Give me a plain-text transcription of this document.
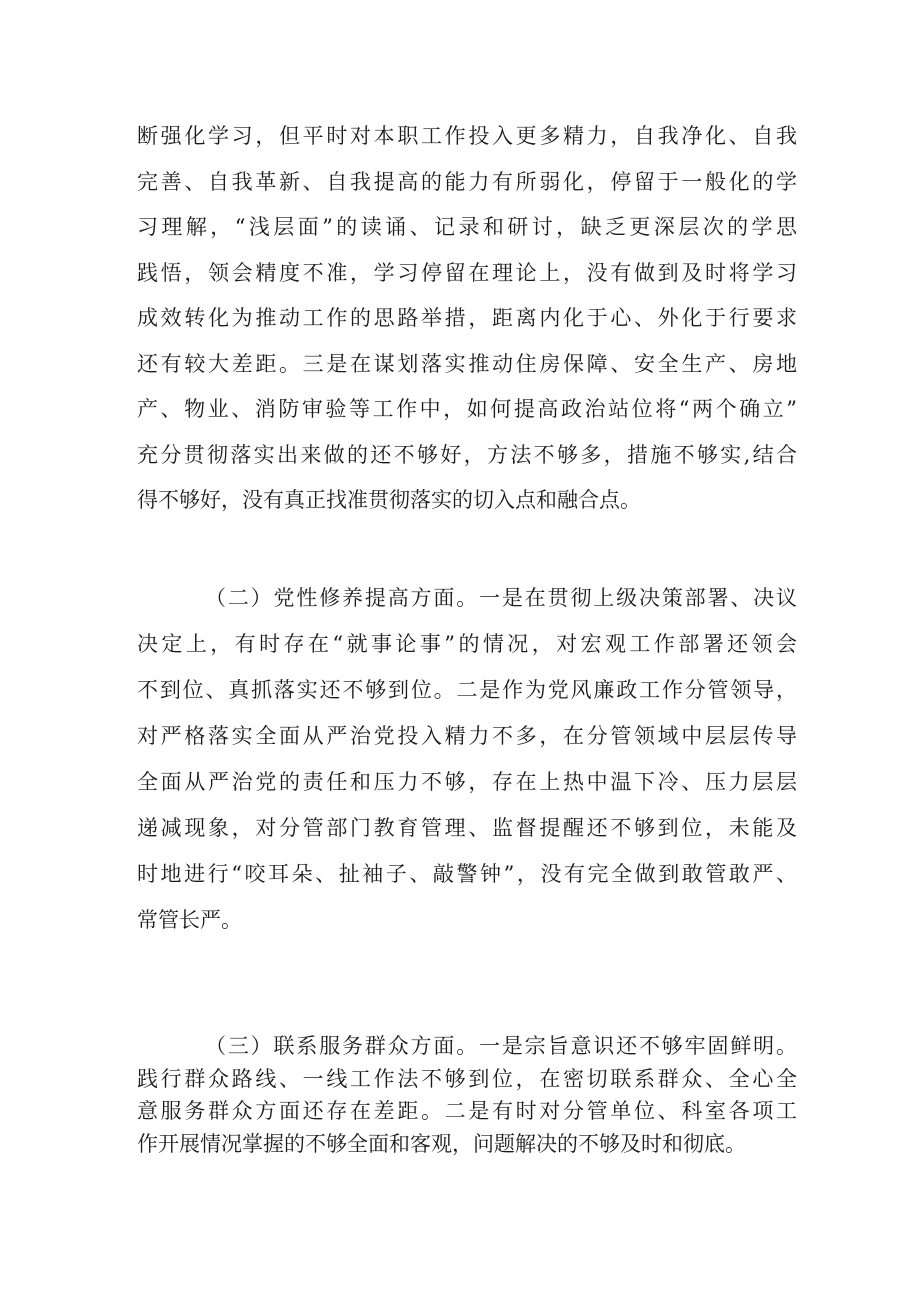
断强化学习，但平时对本职工作投入更多精力，自我净化、自我
完善、自我革新、自我提高的能力有所弱化，停留于一般化的学
习理解，“浅层面”的读诵、记录和研讨，缺乏更深层次的学思
践悟，领会精度不准，学习停留在理论上，没有做到及时将学习
成效转化为推动工作的思路举措，距离内化于心、外化于行要求
还有较大差距。三是在谋划落实推动住房保障、安全生产、房地
产、物业、消防审验等工作中，如何提高政治站位将“两个确立”
充分贯彻落实出来做的还不够好，方法不够多，措施不够实,结合
得不够好，没有真正找准贯彻落实的切入点和融合点。
（二）党性修养提高方面。一是在贯彻上级决策部署、决议
决定上，有时存在“就事论事”的情况，对宏观工作部署还领会
不到位、真抓落实还不够到位。二是作为党风廉政工作分管领导，
对严格落实全面从严治党投入精力不多，在分管领域中层层传导
全面从严治党的责任和压力不够，存在上热中温下冷、压力层层
递减现象，对分管部门教育管理、监督提醒还不够到位，未能及
时地进行“咬耳朵、扯袖子、敲警钟”，没有完全做到敢管敢严、
常管长严。
（三）联系服务群众方面。一是宗旨意识还不够牢固鲜明。
践行群众路线、一线工作法不够到位，在密切联系群众、全心全
意服务群众方面还存在差距。二是有时对分管单位、科室各项工
作开展情况掌握的不够全面和客观，问题解决的不够及时和彻底。
